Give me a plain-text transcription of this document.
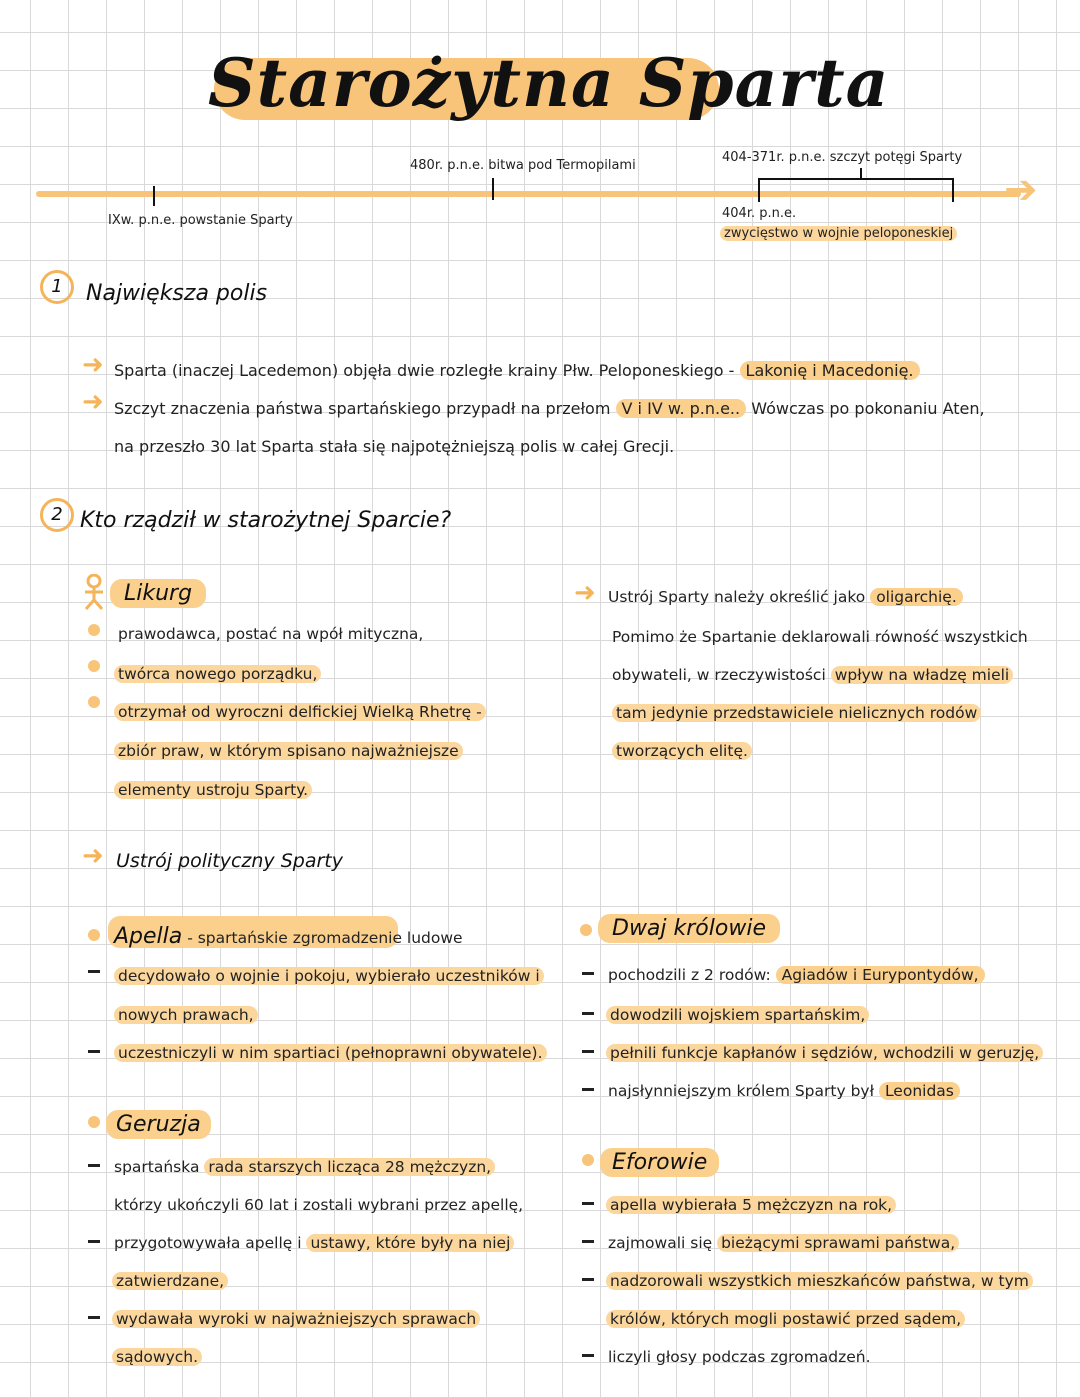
Starożytna Sparta
➔
IXw. p.n.e. powstanie Sparty
480r. p.n.e. bitwa pod Termopilami
404-371r. p.n.e. szczyt potęgi Sparty
404r. p.n.e.
zwycięstwo w wojnie peloponeskiej
1	Największa polis
➜ Sparta (inaczej Lacedemon) objęła dwie rozległe krainy Płw. Peloponeskiego - Lakonię i Macedonię.
➜ Szczyt znaczenia państwa spartańskiego przypadł na przełom V i IV w. p.n.e.. Wówczas po pokonaniu Aten,
na przeszło 30 lat Sparta stała się najpotężniejszą polis w całej Grecji.
2 Kto rządził w starożytnej Sparcie?
Likurg
prawodawca, postać na wpół mityczna,
twórca nowego porządku,
otrzymał od wyroczni delfickiej Wielką Rhetrę -
zbiór praw, w którym spisano najważniejsze
elementy ustroju Sparty.
➜ Ustrój Sparty należy określić jako oligarchię.
Pomimo że Spartanie deklarowali równość wszystkich
obywateli, w rzeczywistości wpływ na władzę mieli
tam jedynie przedstawiciele nielicznych rodów
tworzących elitę.
➜ Ustrój polityczny Sparty
Apella - spartańskie zgromadzenie ludowe
decydowało o wojnie i pokoju, wybierało uczestników i
nowych prawach,
uczestniczyli w nim spartiaci (pełnoprawni obywatele).
Dwaj królowie
pochodzili z 2 rodów: Agiadów i Eurypontydów,
dowodzili wojskiem spartańskim,
pełnili funkcje kapłanów i sędziów, wchodzili w geruzję,
najsłynniejszym królem Sparty był Leonidas
Geruzja
spartańska rada starszych licząca 28 mężczyzn,
którzy ukończyli 60 lat i zostali wybrani przez apellę,
przygotowywała apellę i ustawy, które były na niej
zatwierdzane,
wydawała wyroki w najważniejszych sprawach
sądowych.
Eforowie
apella wybierała 5 mężczyzn na rok,
zajmowali się bieżącymi sprawami państwa,
nadzorowali wszystkich mieszkańców państwa, w tym
królów, których mogli postawić przed sądem,
liczyli głosy podczas zgromadzeń.
